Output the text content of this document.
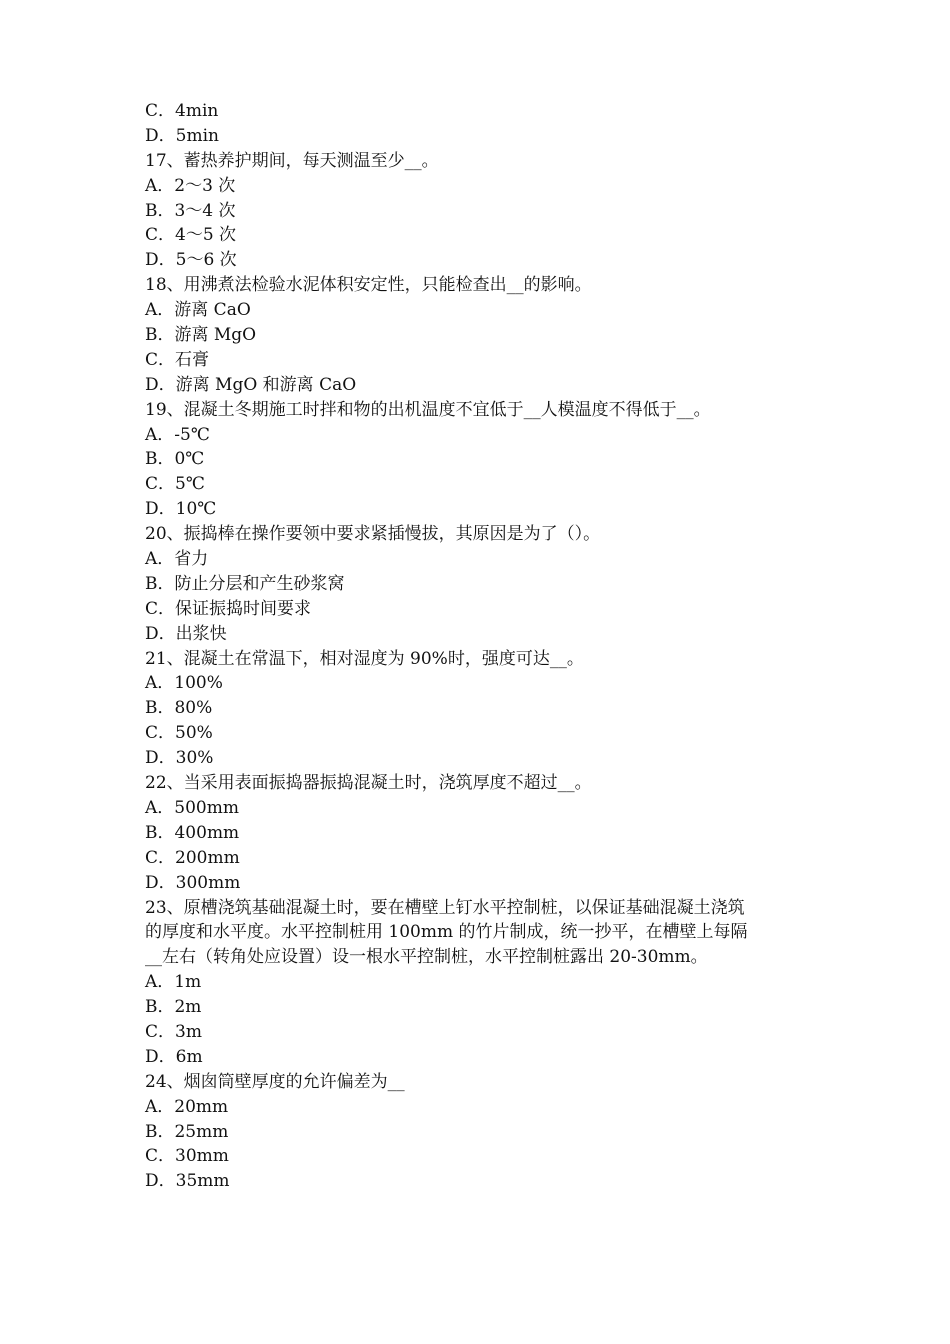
C．4min
D．5min
17、蓄热养护期间，每天测温至少__。
A．2～3 次
B．3～4 次
C．4～5 次
D．5～6 次
18、用沸煮法检验水泥体积安定性，只能检查出__的影响。
A．游离 CaO
B．游离 MgO
C．石膏
D．游离 MgO 和游离 CaO
19、混凝土冬期施工时拌和物的出机温度不宜低于__人模温度不得低于__。
A．-5℃
B．0℃
C．5℃
D．10℃
20、振捣棒在操作要领中要求紧插慢拔，其原因是为了（）。
A．省力
B．防止分层和产生砂浆窝
C．保证振捣时间要求
D．出浆快
21、混凝土在常温下，相对湿度为 90%时，强度可达__。
A．100%
B．80%
C．50%
D．30%
22、当采用表面振捣器振捣混凝土时，浇筑厚度不超过__。
A．500mm
B．400mm
C．200mm
D．300mm
23、原槽浇筑基础混凝土时，要在槽壁上钉水平控制桩，以保证基础混凝土浇筑
的厚度和水平度。水平控制桩用 100mm 的竹片制成，统一抄平，在槽壁上每隔
__左右（转角处应设置）设一根水平控制桩，水平控制桩露出 20-30mm。
A．1m
B．2m
C．3m
D．6m
24、烟囱筒壁厚度的允许偏差为__
A．20mm
B．25mm
C．30mm
D．35mm
